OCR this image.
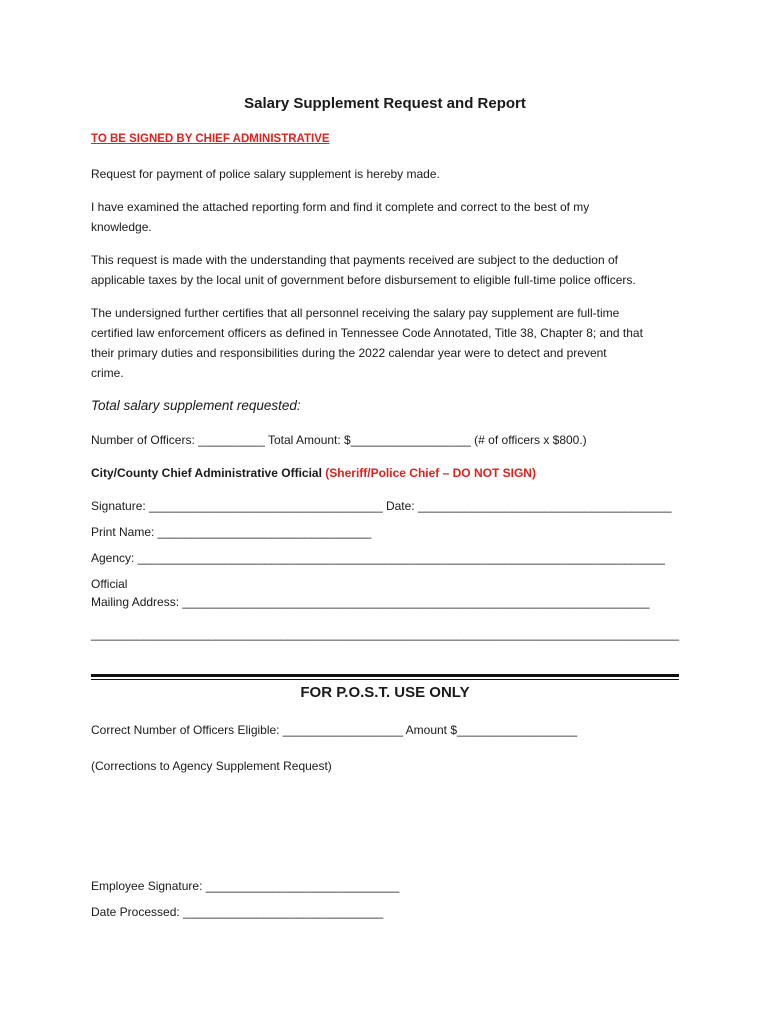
Salary Supplement Request and Report
TO BE SIGNED BY CHIEF ADMINISTRATIVE
Request for payment of police salary supplement is hereby made.
I have examined the attached reporting form and find it complete and correct to the best of my
knowledge.
This request is made with the understanding that payments received are subject to the deduction of
applicable taxes by the local unit of government before disbursement to eligible full-time police officers.
The undersigned further certifies that all personnel receiving the salary pay supplement are full-time
certified law enforcement officers as defined in Tennessee Code Annotated, Title 38, Chapter 8; and that
their primary duties and responsibilities during the 2022 calendar year were to detect and prevent
crime.
Total salary supplement requested:
Number of Officers: __________ Total Amount: $__________________ (# of officers x $800.)
City/County Chief Administrative Official (Sheriff/Police Chief – DO NOT SIGN)
Signature: ___________________________________ Date: ______________________________________
Print Name: ________________________________
Agency: _______________________________________________________________________________
Official
Mailing Address: ______________________________________________________________________
__________________________________________________________________________________________
FOR P.O.S.T. USE ONLY
Correct Number of Officers Eligible: __________________ Amount $__________________
(Corrections to Agency Supplement Request)
Employee Signature: _____________________________
Date Processed: ______________________________
